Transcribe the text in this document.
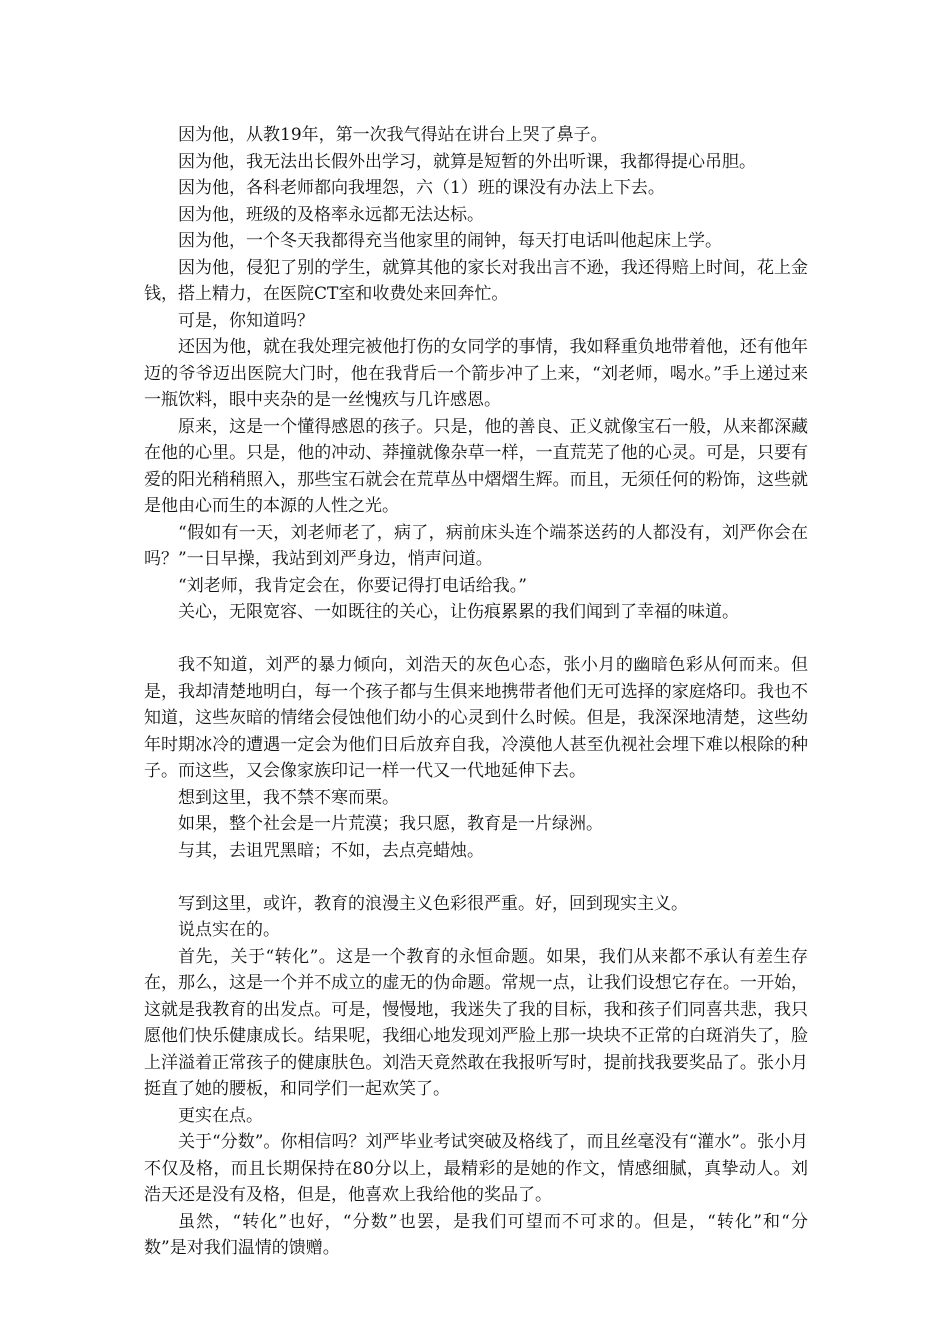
因为他，从教19年，第一次我气得站在讲台上哭了鼻子。

因为他，我无法出长假外出学习，就算是短暂的外出听课，我都得提心吊胆。

因为他，各科老师都向我埋怨，六（1）班的课没有办法上下去。

因为他，班级的及格率永远都无法达标。

因为他，一个冬天我都得充当他家里的闹钟，每天打电话叫他起床上学。

因为他，侵犯了别的学生，就算其他的家长对我出言不逊，我还得赔上时间，花上金钱，搭上精力，在医院CT室和收费处来回奔忙。

可是，你知道吗？

还因为他，就在我处理完被他打伤的女同学的事情，我如释重负地带着他，还有他年迈的爷爷迈出医院大门时，他在我背后一个箭步冲了上来，“刘老师，喝水。”手上递过来一瓶饮料，眼中夹杂的是一丝愧疚与几许感恩。

原来，这是一个懂得感恩的孩子。只是，他的善良、正义就像宝石一般，从来都深藏在他的心里。只是，他的冲动、莽撞就像杂草一样，一直荒芜了他的心灵。可是，只要有爱的阳光稍稍照入，那些宝石就会在荒草丛中熠熠生辉。而且，无须任何的粉饰，这些就是他由心而生的本源的人性之光。

“假如有一天，刘老师老了，病了，病前床头连个端茶送药的人都没有，刘严你会在吗？”一日早操，我站到刘严身边，悄声问道。

“刘老师，我肯定会在，你要记得打电话给我。”

关心，无限宽容、一如既往的关心，让伤痕累累的我们闻到了幸福的味道。

我不知道，刘严的暴力倾向，刘浩天的灰色心态，张小月的幽暗色彩从何而来。但是，我却清楚地明白，每一个孩子都与生俱来地携带者他们无可选择的家庭烙印。我也不知道，这些灰暗的情绪会侵蚀他们幼小的心灵到什么时候。但是，我深深地清楚，这些幼年时期冰冷的遭遇一定会为他们日后放弃自我，冷漠他人甚至仇视社会埋下难以根除的种子。而这些，又会像家族印记一样一代又一代地延伸下去。

想到这里，我不禁不寒而栗。

如果，整个社会是一片荒漠；我只愿，教育是一片绿洲。

与其，去诅咒黑暗；不如，去点亮蜡烛。

写到这里，或许，教育的浪漫主义色彩很严重。好，回到现实主义。

说点实在的。

首先，关于“转化”。这是一个教育的永恒命题。如果，我们从来都不承认有差生存在，那么，这是一个并不成立的虚无的伪命题。常规一点，让我们设想它存在。一开始，这就是我教育的出发点。可是，慢慢地，我迷失了我的目标，我和孩子们同喜共悲，我只愿他们快乐健康成长。结果呢，我细心地发现刘严脸上那一块块不正常的白斑消失了，脸上洋溢着正常孩子的健康肤色。刘浩天竟然敢在我报听写时，提前找我要奖品了。张小月挺直了她的腰板，和同学们一起欢笑了。

更实在点。

关于“分数”。你相信吗？刘严毕业考试突破及格线了，而且丝毫没有“灌水”。张小月不仅及格，而且长期保持在80分以上，最精彩的是她的作文，情感细腻，真挚动人。刘浩天还是没有及格，但是，他喜欢上我给他的奖品了。

虽然，“转化”也好，“分数”也罢，是我们可望而不可求的。但是，“转化”和“分数”是对我们温情的馈赠。
